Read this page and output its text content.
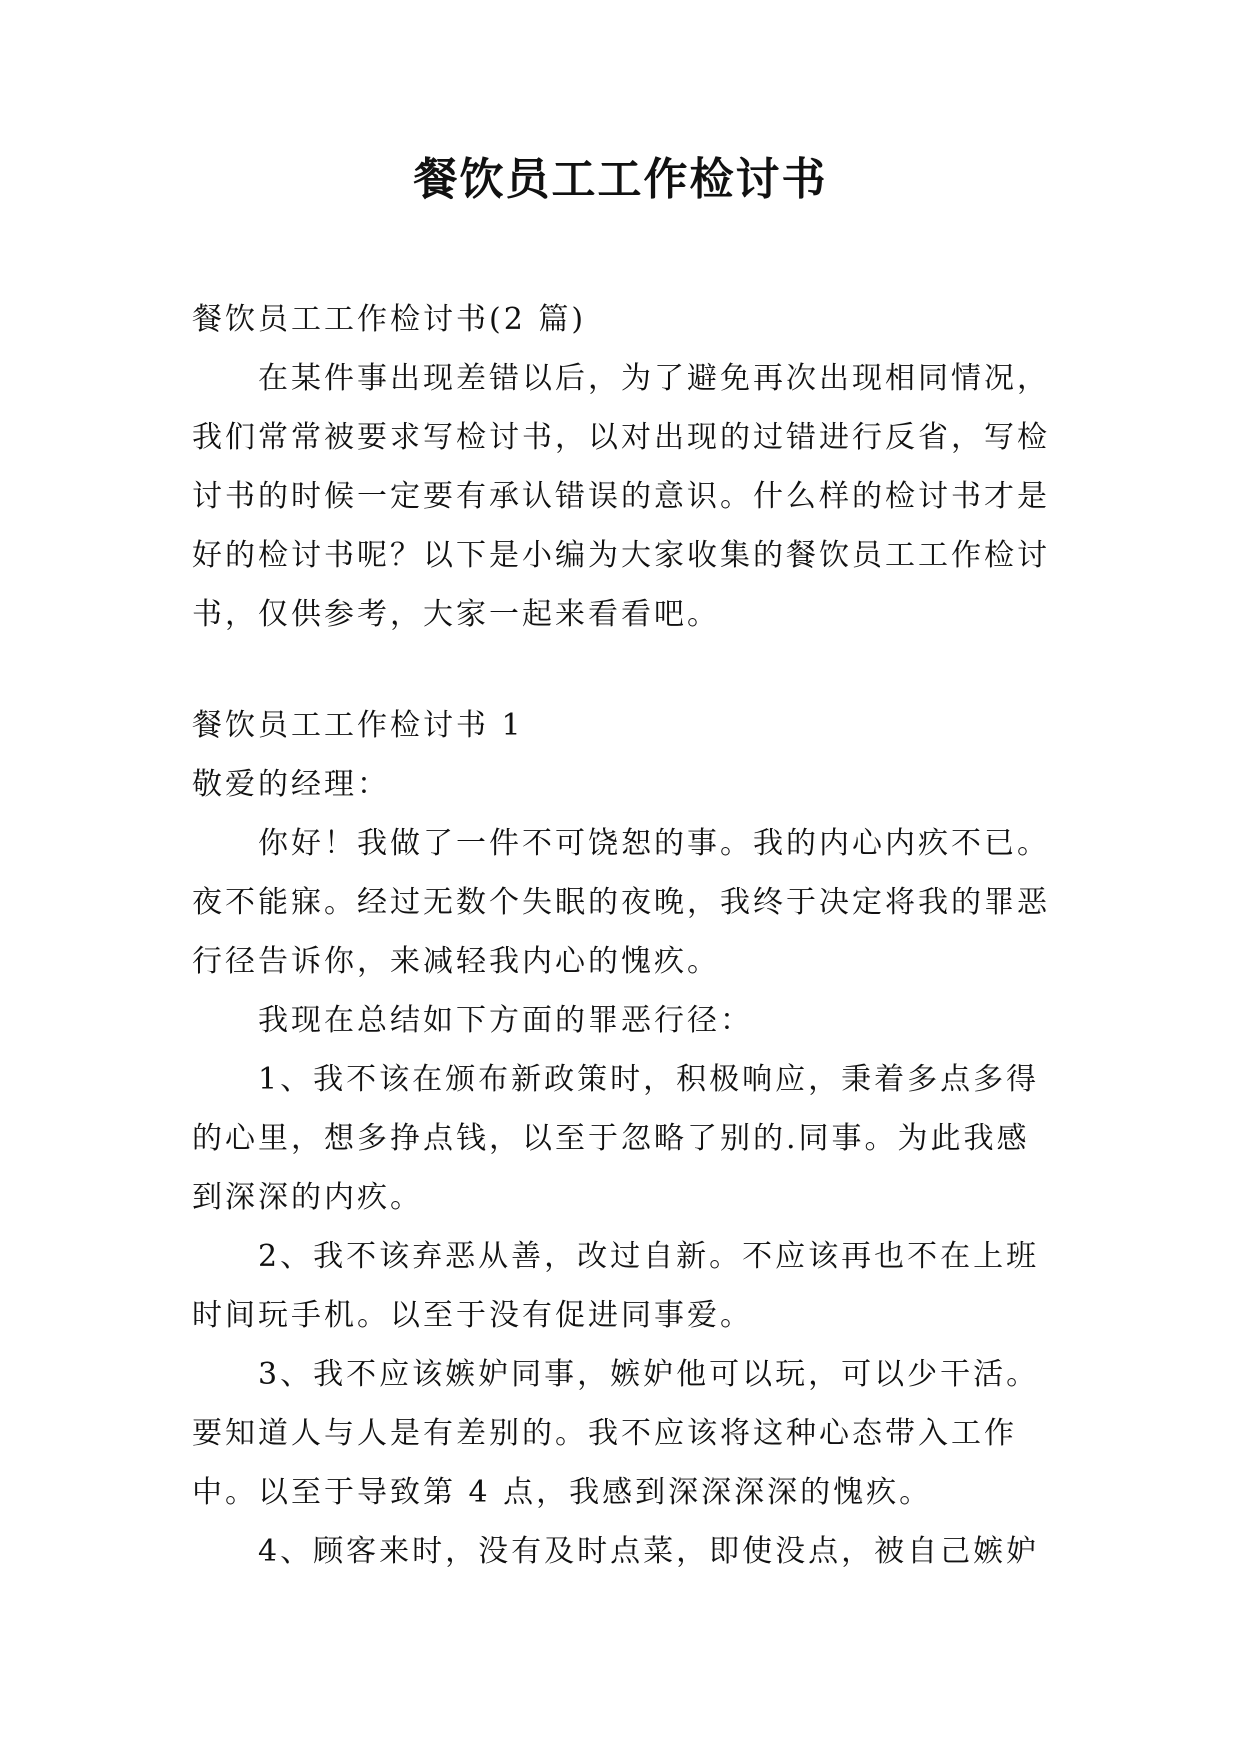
餐饮员工工作检讨书

餐饮员工工作检讨书(2 篇)

在某件事出现差错以后，为了避免再次出现相同情况，我们常常被要求写检讨书，以对出现的过错进行反省，写检讨书的时候一定要有承认错误的意识。什么样的检讨书才是好的检讨书呢？以下是小编为大家收集的餐饮员工工作检讨书，仅供参考，大家一起来看看吧。

餐饮员工工作检讨书 1

敬爱的经理：

你好！我做了一件不可饶恕的事。我的内心内疚不已。夜不能寐。经过无数个失眠的夜晚，我终于决定将我的罪恶行径告诉你，来减轻我内心的愧疚。

我现在总结如下方面的罪恶行径：

1、我不该在颁布新政策时，积极响应，秉着多点多得的心里，想多挣点钱，以至于忽略了别的.同事。为此我感到深深的内疚。

2、我不该弃恶从善，改过自新。不应该再也不在上班时间玩手机。以至于没有促进同事爱。

3、我不应该嫉妒同事，嫉妒他可以玩，可以少干活。要知道人与人是有差别的。我不应该将这种心态带入工作中。以至于导致第 4 点，我感到深深深深的愧疚。

4、顾客来时，没有及时点菜，即使没点，被自己嫉妒
